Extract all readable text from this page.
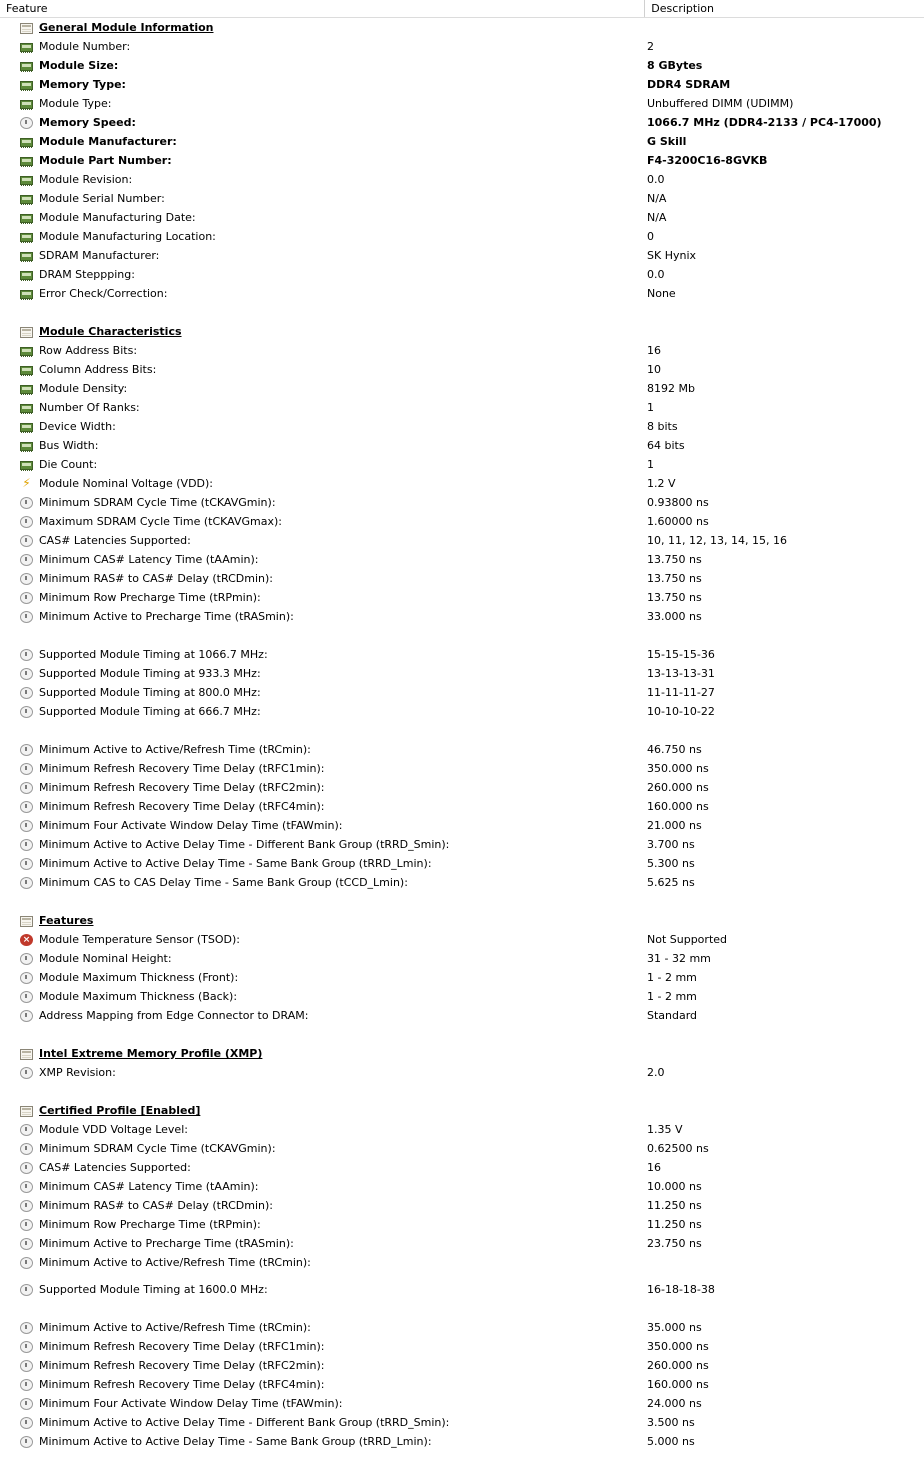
Feature	Description
General Module Information
Module Number:	2
Module Size:	8 GBytes
Memory Type:	DDR4 SDRAM
Module Type:	Unbuffered DIMM (UDIMM)
Memory Speed:	1066.7 MHz (DDR4-2133 / PC4-17000)
Module Manufacturer:	G Skill
Module Part Number:	F4-3200C16-8GVKB
Module Revision:	0.0
Module Serial Number:	N/A
Module Manufacturing Date:	N/A
Module Manufacturing Location:	0
SDRAM Manufacturer:	SK Hynix
DRAM Steppping:	0.0
Error Check/Correction:	None
Module Characteristics
Row Address Bits:	16
Column Address Bits:	10
Module Density:	8192 Mb
Number Of Ranks:	1
Device Width:	8 bits
Bus Width:	64 bits
Die Count:	1
⚡ Module Nominal Voltage (VDD):	1.2 V
Minimum SDRAM Cycle Time (tCKAVGmin):	0.93800 ns
Maximum SDRAM Cycle Time (tCKAVGmax):	1.60000 ns
CAS# Latencies Supported:	10, 11, 12, 13, 14, 15, 16
Minimum CAS# Latency Time (tAAmin):	13.750 ns
Minimum RAS# to CAS# Delay (tRCDmin):	13.750 ns
Minimum Row Precharge Time (tRPmin):	13.750 ns
Minimum Active to Precharge Time (tRASmin):	33.000 ns
Supported Module Timing at 1066.7 MHz:	15-15-15-36
Supported Module Timing at 933.3 MHz:	13-13-13-31
Supported Module Timing at 800.0 MHz:	11-11-11-27
Supported Module Timing at 666.7 MHz:	10-10-10-22
Minimum Active to Active/Refresh Time (tRCmin):	46.750 ns
Minimum Refresh Recovery Time Delay (tRFC1min):	350.000 ns
Minimum Refresh Recovery Time Delay (tRFC2min):	260.000 ns
Minimum Refresh Recovery Time Delay (tRFC4min):	160.000 ns
Minimum Four Activate Window Delay Time (tFAWmin):	21.000 ns
Minimum Active to Active Delay Time - Different Bank Group (tRRD_Smin):	3.700 ns
Minimum Active to Active Delay Time - Same Bank Group (tRRD_Lmin):	5.300 ns
Minimum CAS to CAS Delay Time - Same Bank Group (tCCD_Lmin):	5.625 ns
Features
× Module Temperature Sensor (TSOD):	Not Supported
Module Nominal Height:	31 - 32 mm
Module Maximum Thickness (Front):	1 - 2 mm
Module Maximum Thickness (Back):	1 - 2 mm
Address Mapping from Edge Connector to DRAM:	Standard
Intel Extreme Memory Profile (XMP)
XMP Revision:	2.0
Certified Profile [Enabled]
Module VDD Voltage Level:	1.35 V
Minimum SDRAM Cycle Time (tCKAVGmin):	0.62500 ns
CAS# Latencies Supported:	16
Minimum CAS# Latency Time (tAAmin):	10.000 ns
Minimum RAS# to CAS# Delay (tRCDmin):	11.250 ns
Minimum Row Precharge Time (tRPmin):	11.250 ns
Minimum Active to Precharge Time (tRASmin):	23.750 ns
Minimum Active to Active/Refresh Time (tRCmin):
Supported Module Timing at 1600.0 MHz:	16-18-18-38
Minimum Active to Active/Refresh Time (tRCmin):	35.000 ns
Minimum Refresh Recovery Time Delay (tRFC1min):	350.000 ns
Minimum Refresh Recovery Time Delay (tRFC2min):	260.000 ns
Minimum Refresh Recovery Time Delay (tRFC4min):	160.000 ns
Minimum Four Activate Window Delay Time (tFAWmin):	24.000 ns
Minimum Active to Active Delay Time - Different Bank Group (tRRD_Smin):	3.500 ns
Minimum Active to Active Delay Time - Same Bank Group (tRRD_Lmin):	5.000 ns
